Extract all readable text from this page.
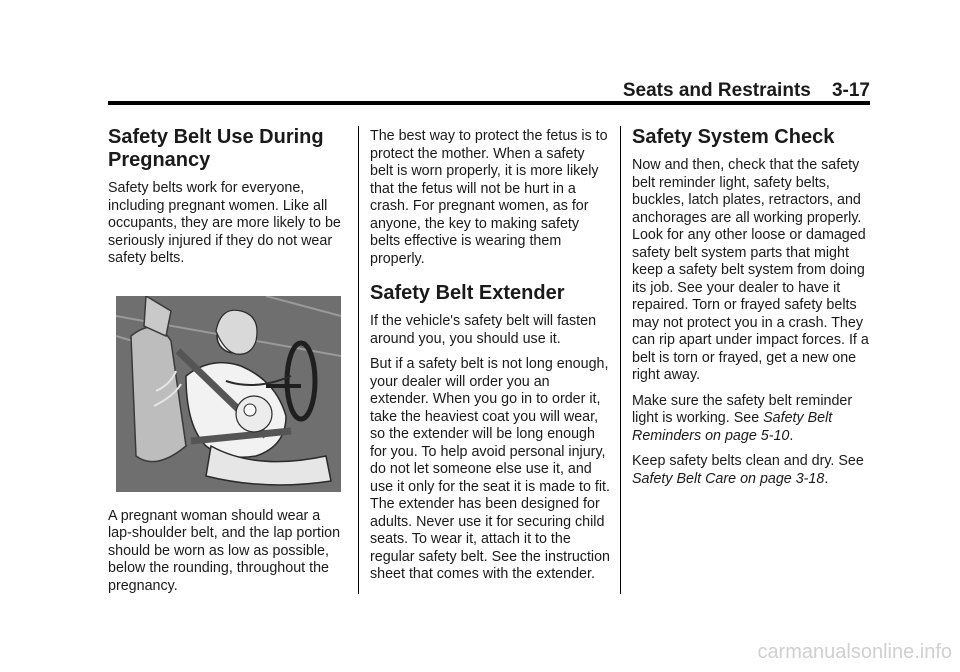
Seats and Restraints 3-17
Safety Belt Use During Pregnancy

Safety belts work for everyone, including pregnant women. Like all occupants, they are more likely to be seriously injured if they do not wear safety belts.

A pregnant woman should wear a lap-shoulder belt, and the lap portion should be worn as low as possible, below the rounding, throughout the pregnancy.

The best way to protect the fetus is to protect the mother. When a safety belt is worn properly, it is more likely that the fetus will not be hurt in a crash. For pregnant women, as for anyone, the key to making safety belts effective is wearing them properly.

Safety Belt Extender

If the vehicle's safety belt will fasten around you, you should use it.

But if a safety belt is not long enough, your dealer will order you an extender. When you go in to order it, take the heaviest coat you will wear, so the extender will be long enough for you. To help avoid personal injury, do not let someone else use it, and use it only for the seat it is made to fit. The extender has been designed for adults. Never use it for securing child seats. To wear it, attach it to the regular safety belt. See the instruction sheet that comes with the extender.

Safety System Check

Now and then, check that the safety belt reminder light, safety belts, buckles, latch plates, retractors, and anchorages are all working properly. Look for any other loose or damaged safety belt system parts that might keep a safety belt system from doing its job. See your dealer to have it repaired. Torn or frayed safety belts may not protect you in a crash. They can rip apart under impact forces. If a belt is torn or frayed, get a new one right away.

Make sure the safety belt reminder light is working. See Safety Belt Reminders on page 5-10.

Keep safety belts clean and dry. See Safety Belt Care on page 3-18.

carmanualsonline.info
